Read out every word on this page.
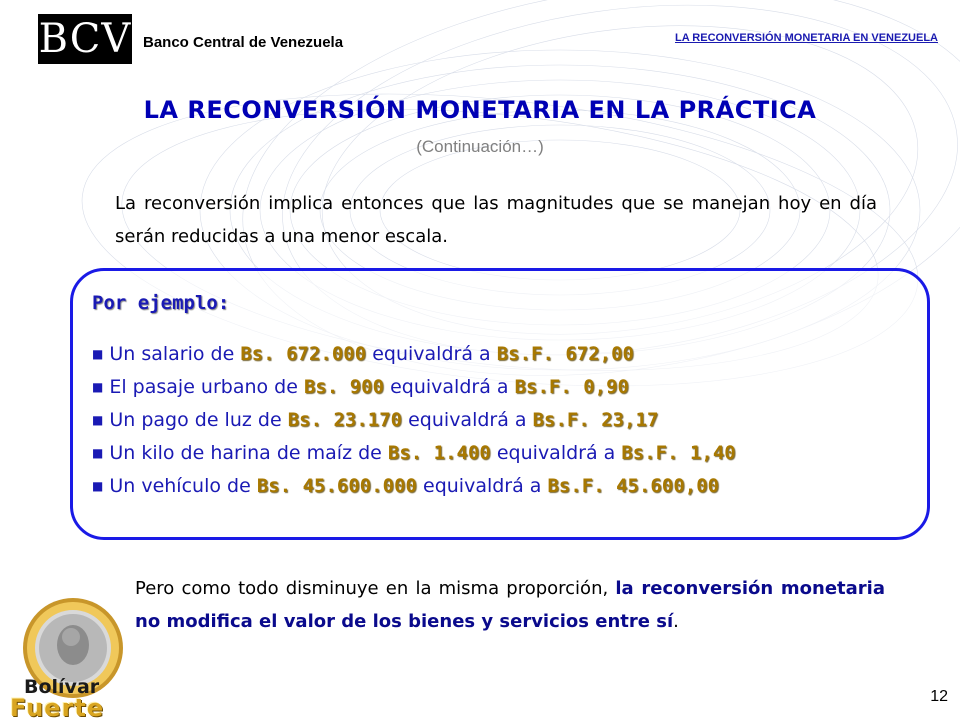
BCV Banco Central de Venezuela	LA RECONVERSIÓN MONETARIA EN VENEZUELA
LA RECONVERSIÓN MONETARIA EN LA PRÁCTICA
(Continuación…)
La reconversión implica entonces que las magnitudes que se manejan hoy en día serán reducidas a una menor escala.
Por ejemplo:
■ Un salario de Bs. 672.000 equivaldrá a Bs.F. 672,00
■ El pasaje urbano de Bs. 900 equivaldrá a Bs.F. 0,90
■ Un pago de luz de Bs. 23.170 equivaldrá a Bs.F. 23,17
■ Un kilo de harina de maíz de Bs. 1.400 equivaldrá a Bs.F. 1,40
■ Un vehículo de Bs. 45.600.000 equivaldrá a Bs.F. 45.600,00
Pero como todo disminuye en la misma proporción, la reconversión monetaria no modifica el valor de los bienes y servicios entre sí.
Bolívar
Fuerte	12
